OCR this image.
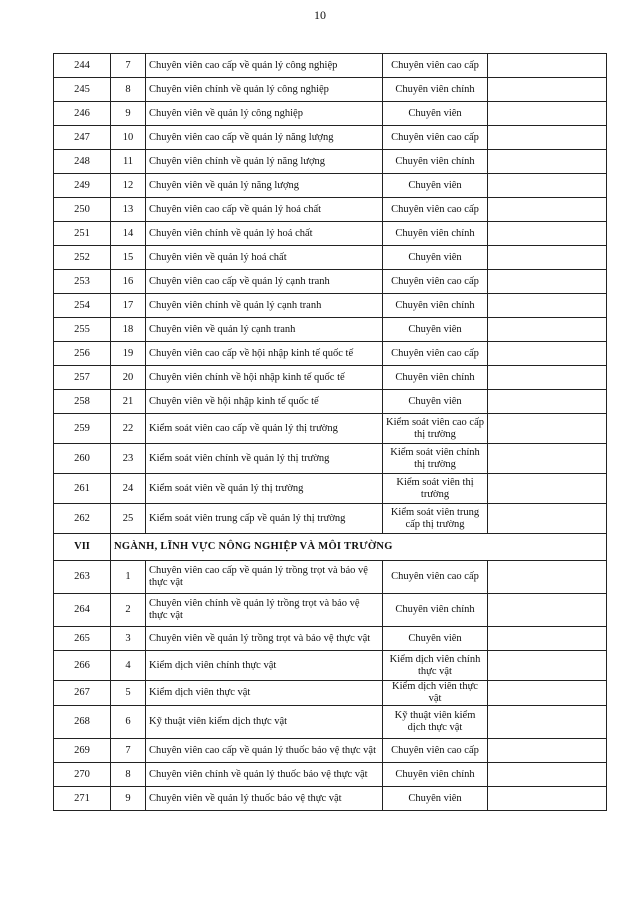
10
244	7	Chuyên viên cao cấp về quản lý công nghiệp	Chuyên viên cao cấp	
245	8	Chuyên viên chính về quản lý công nghiệp	Chuyên viên chính	
246	9	Chuyên viên về quản lý công nghiệp	Chuyên viên	
247	10	Chuyên viên cao cấp về quản lý năng lượng	Chuyên viên cao cấp	
248	11	Chuyên viên chính về quản lý năng lượng	Chuyên viên chính	
249	12	Chuyên viên về quản lý năng lượng	Chuyên viên	
250	13	Chuyên viên cao cấp về quản lý hoá chất	Chuyên viên cao cấp	
251	14	Chuyên viên chính về quản lý hoá chất	Chuyên viên chính	
252	15	Chuyên viên về quản lý hoá chất	Chuyên viên	
253	16	Chuyên viên cao cấp về quản lý cạnh tranh	Chuyên viên cao cấp	
254	17	Chuyên viên chính về quản lý cạnh tranh	Chuyên viên chính	
255	18	Chuyên viên về quản lý cạnh tranh	Chuyên viên	
256	19	Chuyên viên cao cấp về hội nhập kinh tế quốc tế	Chuyên viên cao cấp	
257	20	Chuyên viên chính về hội nhập kinh tế quốc tế	Chuyên viên chính	
258	21	Chuyên viên về hội nhập kinh tế quốc tế	Chuyên viên	
259	22	Kiểm soát viên cao cấp về quản lý thị trường	Kiểm soát viên cao cấp thị trường	
260	23	Kiểm soát viên chính về quản lý thị trường	Kiểm soát viên chính thị trường	
261	24	Kiểm soát viên về quản lý thị trường	Kiểm soát viên thị trường	
262	25	Kiểm soát viên trung cấp về quản lý thị trường	Kiểm soát viên trung cấp thị trường	
VII	NGÀNH, LĨNH VỰC NÔNG NGHIỆP VÀ MÔI TRƯỜNG			
263	1	Chuyên viên cao cấp về quản lý trồng trọt và bảo vệ thực vật	Chuyên viên cao cấp	
264	2	Chuyên viên chính về quản lý trồng trọt và bảo vệ thực vật	Chuyên viên chính	
265	3	Chuyên viên về quản lý trồng trọt và bảo vệ thực vật	Chuyên viên	
266	4	Kiểm dịch viên chính thực vật	Kiểm dịch viên chính thực vật	
267	5	Kiểm dịch viên thực vật	Kiểm dịch viên thực vật	
268	6	Kỹ thuật viên kiểm dịch thực vật	Kỹ thuật viên kiểm dịch thực vật	
269	7	Chuyên viên cao cấp về quản lý thuốc bảo vệ thực vật	Chuyên viên cao cấp	
270	8	Chuyên viên chính về quản lý thuốc bảo vệ thực vật	Chuyên viên chính	
271	9	Chuyên viên về quản lý thuốc bảo vệ thực vật	Chuyên viên	
